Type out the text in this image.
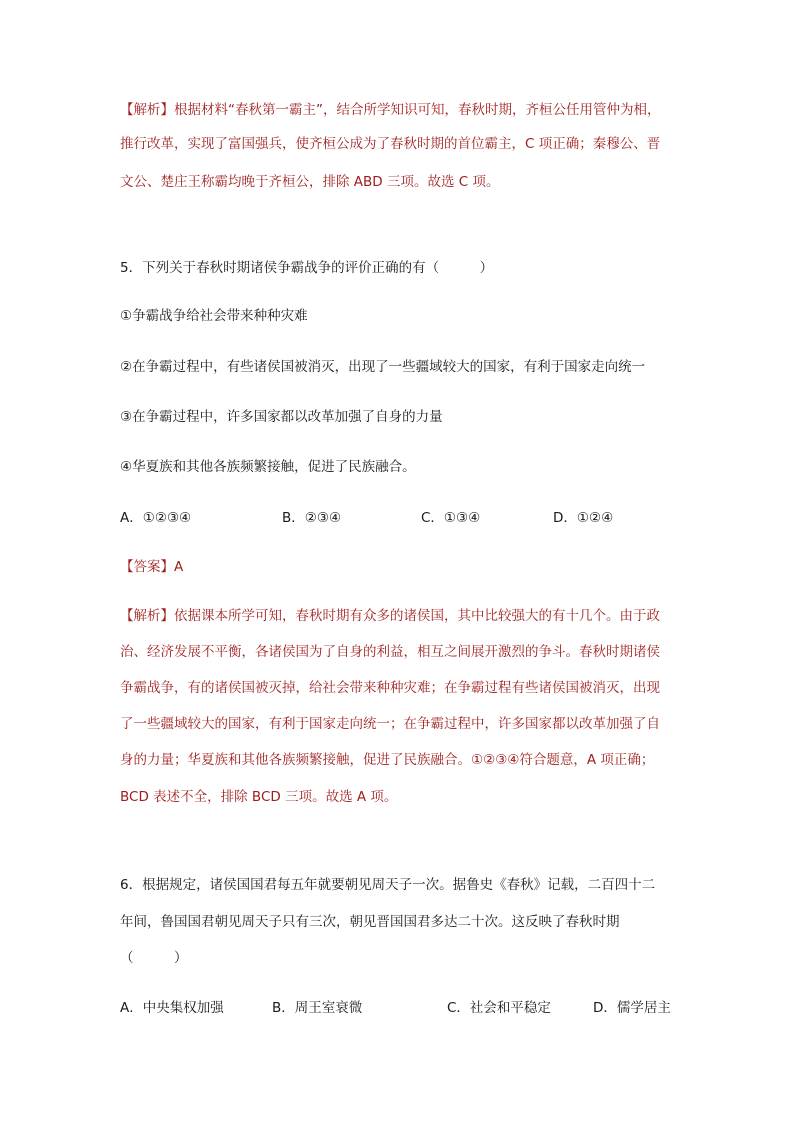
【解析】根据材料“春秋第一霸主”，结合所学知识可知，春秋时期，齐桓公任用管仲为相，
推行改革，实现了富国强兵，使齐桓公成为了春秋时期的首位霸主，C 项正确；秦穆公、晋
文公、楚庄王称霸均晚于齐桓公，排除 ABD 三项。故选 C 项。
5．下列关于春秋时期诸侯争霸战争的评价正确的有（　　　）
①争霸战争给社会带来种种灾难
②在争霸过程中，有些诸侯国被消灭，出现了一些疆域较大的国家，有利于国家走向统一
③在争霸过程中，许多国家都以改革加强了自身的力量
④华夏族和其他各族频繁接触，促进了民族融合。
A．①②③④	B．②③④	C．①③④	D．①②④
【答案】A
【解析】依据课本所学可知，春秋时期有众多的诸侯国，其中比较强大的有十几个。由于政
治、经济发展不平衡，各诸侯国为了自身的利益，相互之间展开激烈的争斗。春秋时期诸侯
争霸战争，有的诸侯国被灭掉，给社会带来种种灾难；在争霸过程有些诸侯国被消灭，出现
了一些疆域较大的国家，有利于国家走向统一；在争霸过程中，许多国家都以改革加强了自
身的力量；华夏族和其他各族频繁接触，促进了民族融合。①②③④符合题意，A 项正确；
BCD 表述不全，排除 BCD 三项。故选 A 项。
6．根据规定，诸侯国国君每五年就要朝见周天子一次。据鲁史《春秋》记载，二百四十二
年间，鲁国国君朝见周天子只有三次，朝见晋国国君多达二十次。这反映了春秋时期
（　　　）
A．中央集权加强	B．周王室衰微	C．社会和平稳定	D．儒学居主
